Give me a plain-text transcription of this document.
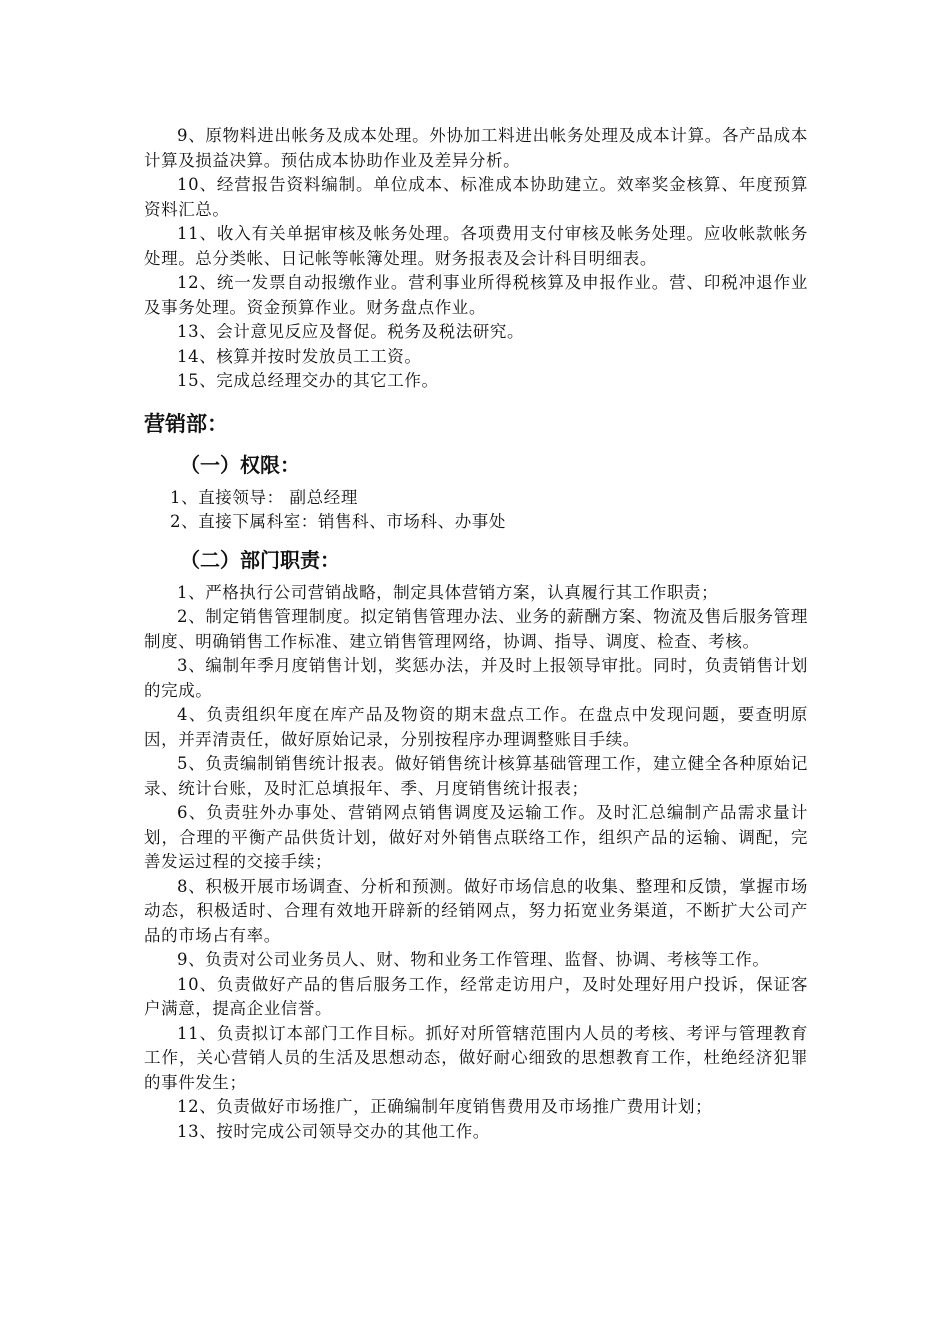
9、原物料进出帐务及成本处理。外协加工料进出帐务处理及成本计算。各产品成本计算及损益决算。预估成本协助作业及差异分析。

10、经营报告资料编制。单位成本、标准成本协助建立。效率奖金核算、年度预算资料汇总。

11、收入有关单据审核及帐务处理。各项费用支付审核及帐务处理。应收帐款帐务处理。总分类帐、日记帐等帐簿处理。财务报表及会计科目明细表。

12、统一发票自动报缴作业。营利事业所得税核算及申报作业。营、印税冲退作业及事务处理。资金预算作业。财务盘点作业。

13、会计意见反应及督促。税务及税法研究。

14、核算并按时发放员工工资。

15、完成总经理交办的其它工作。

营销部：
（一）权限：
1、直接领导： 副总经理
2、直接下属科室：销售科、市场科、办事处
（二）部门职责：

1、严格执行公司营销战略，制定具体营销方案，认真履行其工作职责；

2、制定销售管理制度。拟定销售管理办法、业务的薪酬方案、物流及售后服务管理制度、明确销售工作标准、建立销售管理网络，协调、指导、调度、检查、考核。

3、编制年季月度销售计划，奖惩办法，并及时上报领导审批。同时，负责销售计划的完成。

4、负责组织年度在库产品及物资的期末盘点工作。在盘点中发现问题，要查明原因，并弄清责任，做好原始记录，分别按程序办理调整账目手续。

5、负责编制销售统计报表。做好销售统计核算基础管理工作，建立健全各种原始记录、统计台账，及时汇总填报年、季、月度销售统计报表；

6、负责驻外办事处、营销网点销售调度及运输工作。及时汇总编制产品需求量计划，合理的平衡产品供货计划，做好对外销售点联络工作，组织产品的运输、调配，完善发运过程的交接手续；

8、积极开展市场调查、分析和预测。做好市场信息的收集、整理和反馈，掌握市场动态，积极适时、合理有效地开辟新的经销网点，努力拓宽业务渠道，不断扩大公司产品的市场占有率。

9、负责对公司业务员人、财、物和业务工作管理、监督、协调、考核等工作。

10、负责做好产品的售后服务工作，经常走访用户，及时处理好用户投诉，保证客户满意，提高企业信誉。

11、负责拟订本部门工作目标。抓好对所管辖范围内人员的考核、考评与管理教育工作，关心营销人员的生活及思想动态，做好耐心细致的思想教育工作，杜绝经济犯罪的事件发生；

12、负责做好市场推广，正确编制年度销售费用及市场推广费用计划；

13、按时完成公司领导交办的其他工作。
